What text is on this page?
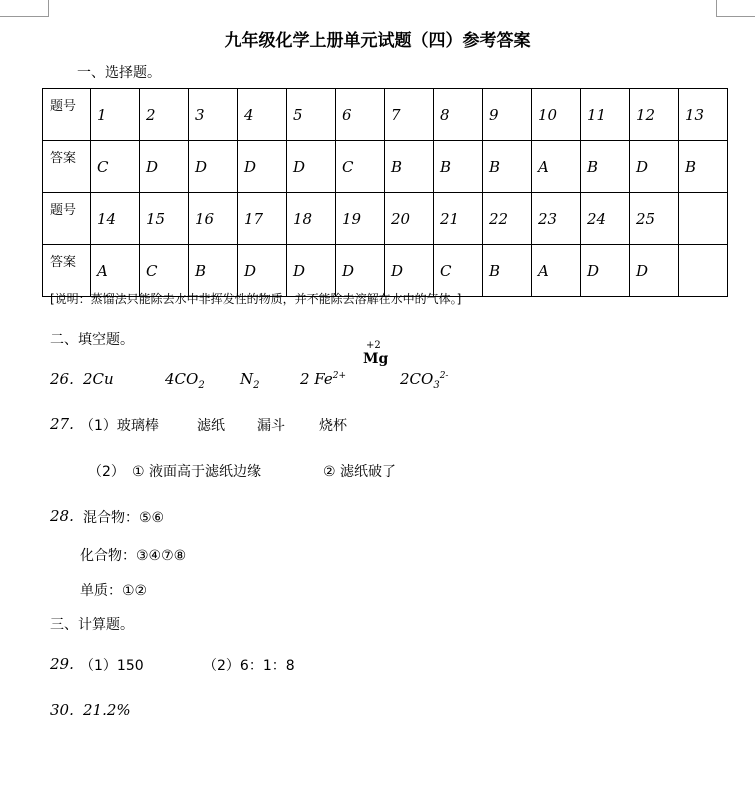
九年级化学上册单元试题（四）参考答案
一、选择题。
题号	1	2	3	4	5	6	7	8	9	10	11	12	13
答案	C	D	D	D	D	C	B	B	B	A	B	D	B
题号	14	15	16	17	18	19	20	21	22	23	24	25	
答案	A	C	B	D	D	D	D	C	B	A	D	D	
[说明：蒸馏法只能除去水中非挥发性的物质，并不能除去溶解在水中的气体。]
二、填空题。
26. 2Cu	$4CO_2$ $N_2$	2 $Fe^{2+}$
+2
Mg
$2CO_3^{2-}$
27. （1）玻璃棒	滤纸 漏斗 烧杯
（2） ① 液面高于滤纸边缘	② 滤纸破了
28. 混合物：⑤⑥
化合物：③④⑦⑧
单质：①②
三、计算题。
29. （1）150	（2）6：1：8
30. 21.2%
